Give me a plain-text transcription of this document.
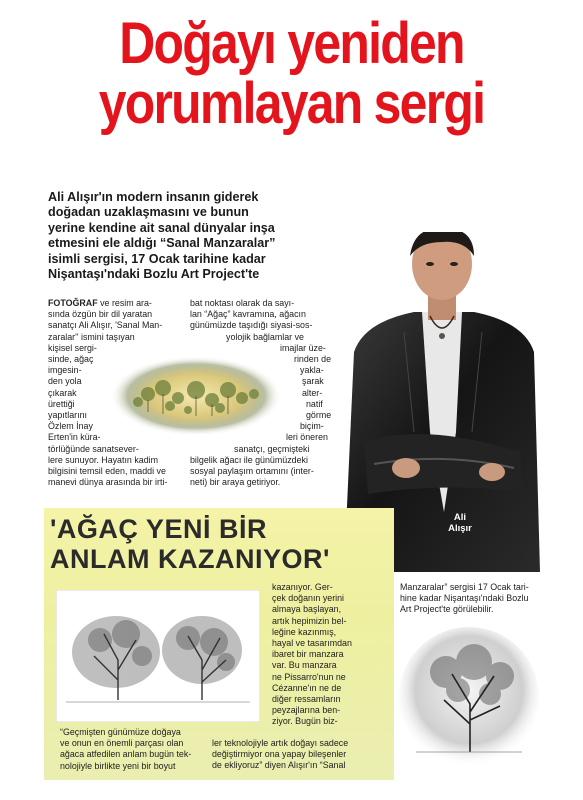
Doğayı yeniden
yorumlayan sergi
Ali Alışır'ın modern insanın giderek
doğadan uzaklaşmasını ve bunun
yerine kendine ait sanal dünyalar inşa
etmesini ele aldığı “Sanal Manzaralar”
isimli sergisi, 17 Ocak tarihine kadar
Nişantaşı'ndaki Bozlu Art Project'te
FOTOĞRAF ve resim ara-
sında özgün bir dil yaratan
sanatçı Ali Alışır, 'Sanal Man-
zaralar'' ismini taşıyan
kişisel sergi-
sinde, ağaç
imgesin-
den yola
çıkarak
ürettiği
yapıtlarını
Özlem İnay
Erten'in küra-
törlüğünde sanatsever-
lere sunuyor. Hayatın kadim
bilgisini temsil eden, maddi ve
manevi dünya arasında bir irti-
bat noktası olarak da sayı-
lan “Ağaç” kavramına, ağacın
günümüzde taşıdığı siyasi-sos-
yolojik bağlamlar ve
imajlar üze-
rinden de
yakla-
şarak
alter-
natif
görme
biçim-
leri öneren
sanatçı, geçmişteki
bilgelik ağacı ile günümüzdeki
sosyal paylaşım ortamını (inter-
neti) bir araya getiriyor.
Ali
Alışır
'AĞAÇ YENİ BİR
ANLAM KAZANIYOR'
kazanıyor. Ger-
çek doğanın yerini
almaya başlayan,
artık hepimizin bel-
leğine kazınmış,
hayal ve tasarımdan
ibaret bir manzara
var. Bu manzara
ne Pissarro'nun ne
Cézanne'ın ne de
diğer ressamların
peyzajlarına ben-
ziyor. Bugün biz-
“Geçmişten günümüze doğaya
ve onun en önemli parçası olan
ağaca atfedilen anlam bugün tek-
nolojiyle birlikte yeni bir boyut
ler teknolojiyle artık doğayı sadece
değiştirmiyor ona yapay bileşenler
de ekliyoruz” diyen Alışır'ın “Sanal
Manzaralar” sergisi 17 Ocak tari-
hine kadar Nişantaşı'ndaki Bozlu
Art Project'te görülebilir.
